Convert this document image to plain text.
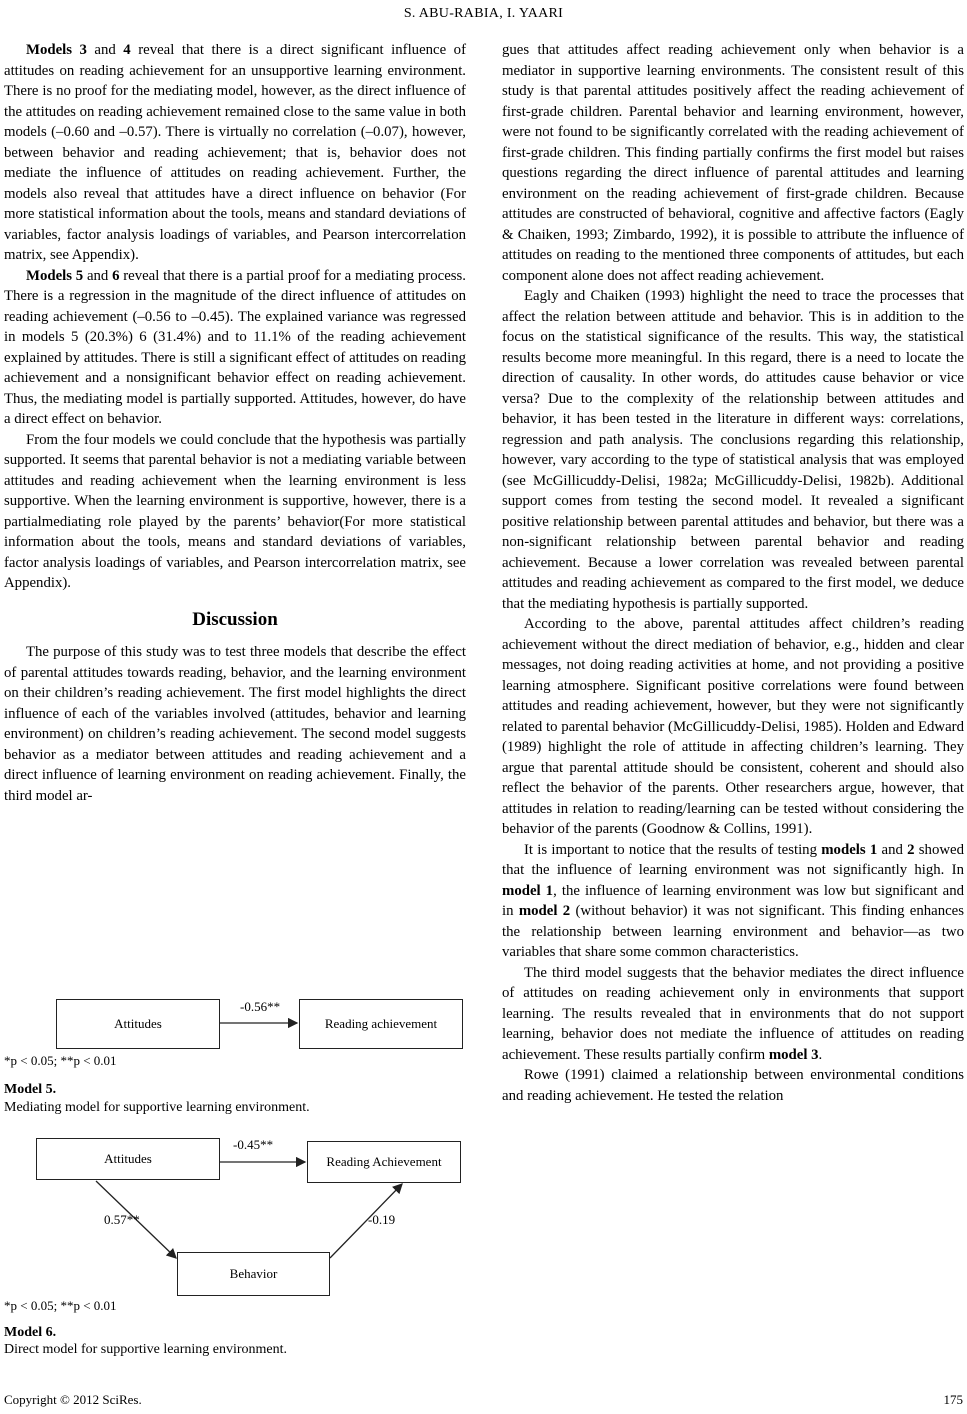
S. ABU-RABIA, I. YAARI

Models 3 and 4 reveal that there is a direct significant influence of attitudes on reading achievement for an unsupportive learning environment. There is no proof for the mediating model, however, as the direct influence of the attitudes on reading achievement remained close to the same value in both models (–0.60 and –0.57). There is virtually no correlation (–0.07), however, between behavior and reading achievement; that is, behavior does not mediate the influence of attitudes on reading achievement. Further, the models also reveal that attitudes have a direct influence on behavior (For more statistical information about the tools, means and standard deviations of variables, factor analysis loadings of variables, and Pearson intercorrelation matrix, see Appendix).

Models 5 and 6 reveal that there is a partial proof for a mediating process. There is a regression in the magnitude of the direct influence of attitudes on reading achievement (–0.56 to –0.45). The explained variance was regressed in models 5 (20.3%) 6 (31.4%) and to 11.1% of the reading achievement explained by attitudes. There is still a significant effect of attitudes on reading achievement and a nonsignificant behavior effect on reading achievement. Thus, the mediating model is partially supported. Attitudes, however, do have a direct effect on behavior.

From the four models we could conclude that the hypothesis was partially supported. It seems that parental behavior is not a mediating variable between attitudes and reading achievement when the learning environment is less supportive. When the learning environment is supportive, however, there is a partialmediating role played by the parents’ behavior(For more statistical information about the tools, means and standard deviations of variables, factor analysis loadings of variables, and Pearson intercorrelation matrix, see Appendix).

Discussion

The purpose of this study was to test three models that describe the effect of parental attitudes towards reading, behavior, and the learning environment on their children’s reading achievement. The first model highlights the direct influence of each of the variables involved (attitudes, behavior and learning environment) on children’s reading achievement. The second model suggests behavior as a mediator between attitudes and reading achievement and a direct influence of learning environment on reading achievement. Finally, the third model ar-

Attitudes	Reading achievement
-0.56**
*p < 0.05; **p < 0.01
Model 5.
Mediating model for supportive learning environment.
Attitudes	Reading Achievement
Behavior
-0.45**
0.57**	-0.19
*p < 0.05; **p < 0.01
Model 6.
Direct model for supportive learning environment.

gues that attitudes affect reading achievement only when behavior is a mediator in supportive learning environments. The consistent result of this study is that parental attitudes positively affect the reading achievement of first-grade children. Parental behavior and learning environment, however, were not found to be significantly correlated with the reading achievement of first-grade children. This finding partially confirms the first model but raises questions regarding the direct influence of parental attitudes and learning environment on the reading achievement of first-grade children. Because attitudes are constructed of behavioral, cognitive and affective factors (Eagly & Chaiken, 1993; Zimbardo, 1992), it is possible to attribute the influence of attitudes on reading to the mentioned three components of attitudes, but each component alone does not affect reading achievement.

Eagly and Chaiken (1993) highlight the need to trace the processes that affect the relation between attitude and behavior. This is in addition to the focus on the statistical significance of the results. This way, the statistical results become more meaningful. In this regard, there is a need to locate the direction of causality. In other words, do attitudes cause behavior or vice versa? Due to the complexity of the relationship between attitudes and behavior, it has been tested in the literature in different ways: correlations, regression and path analysis. The conclusions regarding this relationship, however, vary according to the type of statistical analysis that was employed (see McGillicuddy-Delisi, 1982a; McGillicuddy-Delisi, 1982b). Additional support comes from testing the second model. It revealed a significant positive relationship between parental attitudes and behavior, but there was a non-significant relationship between parental behavior and reading achievement. Because a lower correlation was revealed between parental attitudes and reading achievement as compared to the first model, we deduce that the mediating hypothesis is partially supported.

According to the above, parental attitudes affect children’s reading achievement without the direct mediation of behavior, e.g., hidden and clear messages, not doing reading activities at home, and not providing a positive learning atmosphere. Significant positive correlations were found between attitudes and reading achievement, however, but they were not significantly related to parental behavior (McGillicuddy-Delisi, 1985). Holden and Edward (1989) highlight the role of attitude in affecting children’s learning. They argue that parental attitude should be consistent, coherent and should also reflect the behavior of the parents. Other researchers argue, however, that attitudes in relation to reading/learning can be tested without considering the behavior of the parents (Goodnow & Collins, 1991).

It is important to notice that the results of testing models 1 and 2 showed that the influence of learning environment was not significantly high. In model 1, the influence of learning environment was low but significant and in model 2 (without behavior) it was not significant. This finding enhances the relationship between learning environment and behavior—as two variables that share some common characteristics.

The third model suggests that the behavior mediates the direct influence of attitudes on reading achievement only in environments that support learning. The results revealed that in environments that do not support learning, behavior does not mediate the influence of attitudes on reading achievement. These results partially confirm model 3.

Rowe (1991) claimed a relationship between environmental conditions and reading achievement. He tested the relation

Copyright © 2012 SciRes.	175
